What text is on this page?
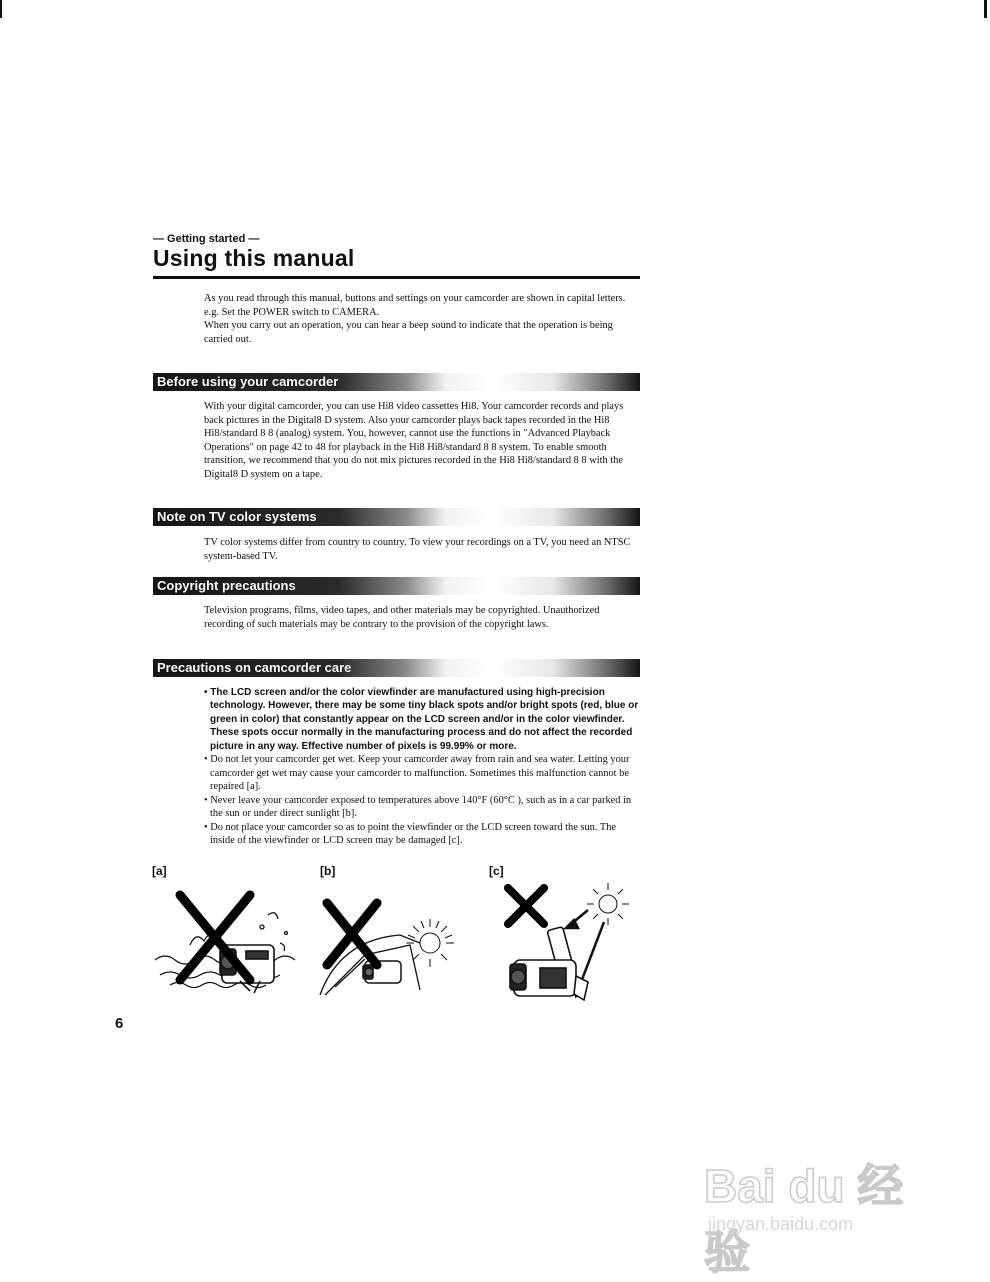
— Getting started —
Using this manual

As you read through this manual, buttons and settings on your camcorder are shown in capital letters.

e.g. Set the POWER switch to CAMERA.

When you carry out an operation, you can hear a beep sound to indicate that the operation is being carried out.

Before using your camcorder

With your digital camcorder, you can use Hi8 video cassettes Hi8. Your camcorder records and plays back pictures in the Digital8 D system. Also your camcorder plays back tapes recorded in the Hi8 Hi8/standard 8 8 (analog) system. You, however, cannot use the functions in "Advanced Playback Operations" on page 42 to 48 for playback in the Hi8 Hi8/standard 8 8 system. To enable smooth transition, we recommend that you do not mix pictures recorded in the Hi8 Hi8/standard 8 8 with the Digital8 D system on a tape.

Note on TV color systems

TV color systems differ from country to country. To view your recordings on a TV, you need an NTSC system-based TV.

Copyright precautions

Television programs, films, video tapes, and other materials may be copyrighted. Unauthorized recording of such materials may be contrary to the provision of the copyright laws.

Precautions on camcorder care
• The LCD screen and/or the color viewfinder are manufactured using high-precision technology. However, there may be some tiny black spots and/or bright spots (red, blue or green in color) that constantly appear on the LCD screen and/or in the color viewfinder. These spots occur normally in the manufacturing process and do not affect the recorded picture in any way. Effective number of pixels is 99.99% or more.
• Do not let your camcorder get wet. Keep your camcorder away from rain and sea water. Letting your camcorder get wet may cause your camcorder to malfunction. Sometimes this malfunction cannot be repaired [a].
• Never leave your camcorder exposed to temperatures above 140°F (60°C ), such as in a car parked in the sun or under direct sunlight [b].
• Do not place your camcorder so as to point the viewfinder or the LCD screen toward the sun. The inside of the viewfinder or LCD screen may be damaged [c].
[a]	[b]	[c]
6
Bai du 经验
jingyan.baidu.com
